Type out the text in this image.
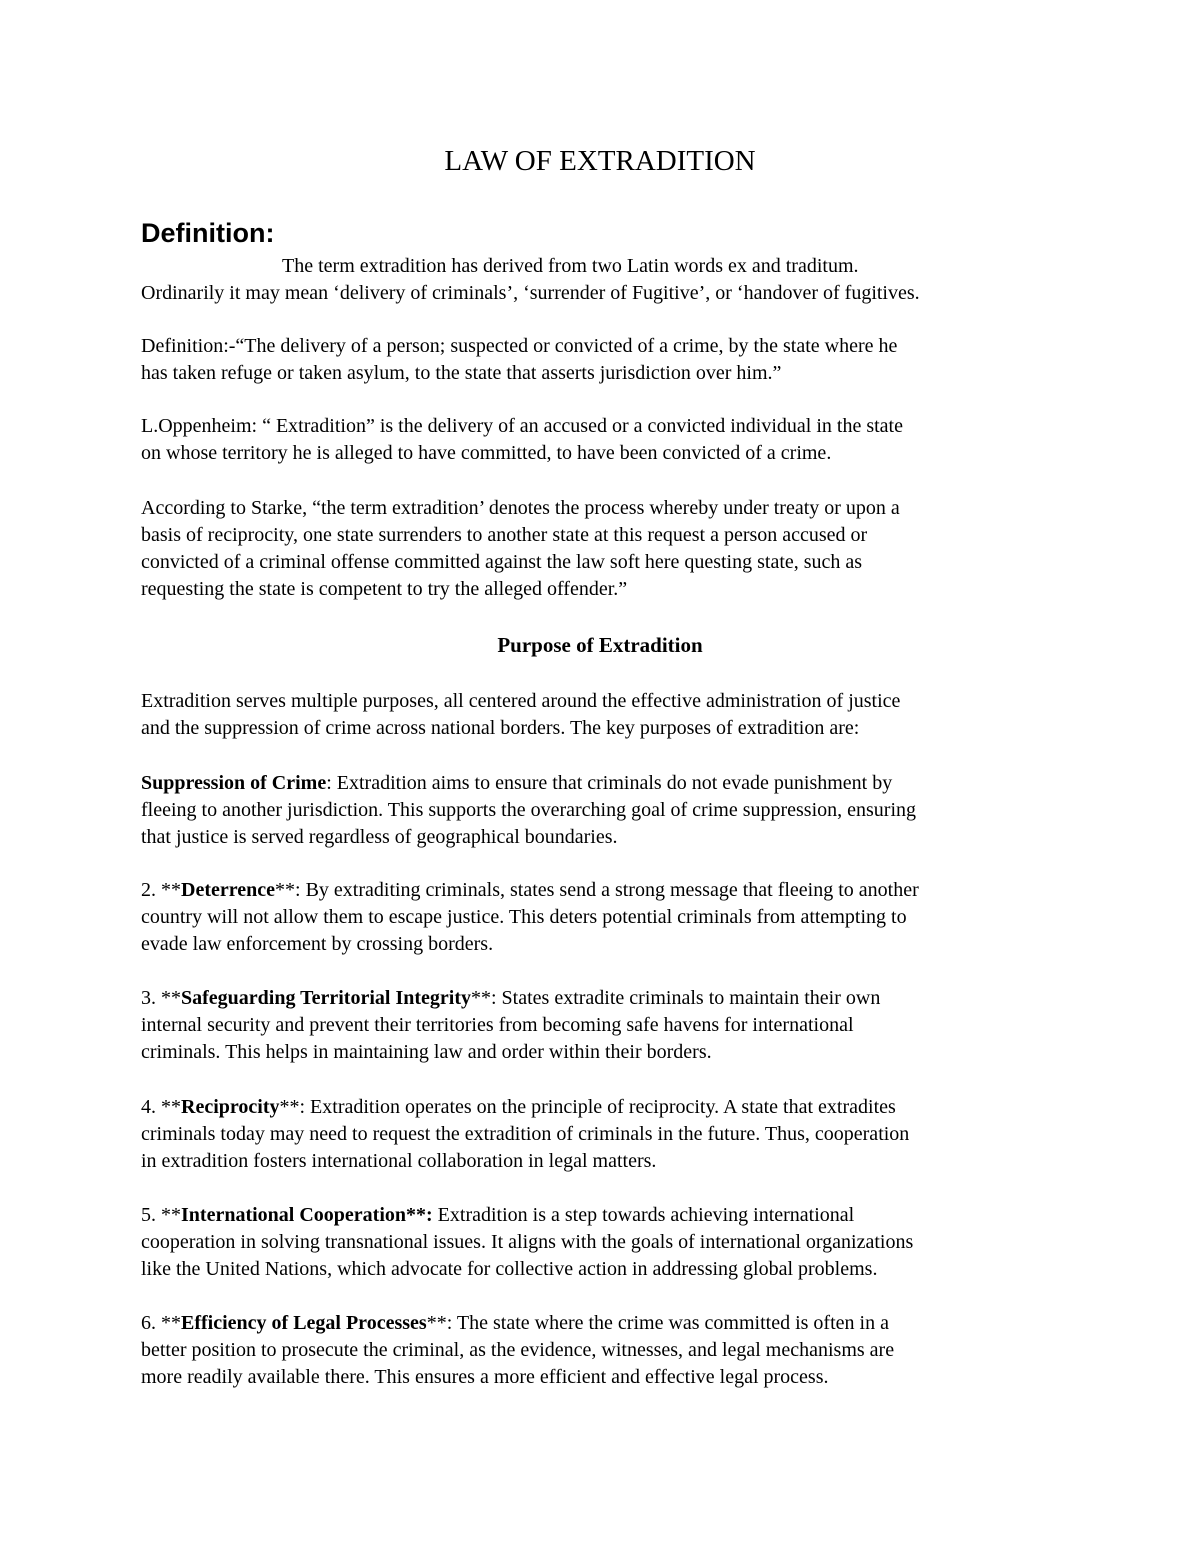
LAW OF EXTRADITION
Definition:
The term extradition has derived from two Latin words ex and traditum.
Ordinarily it may mean ‘delivery of criminals’, ‘surrender of Fugitive’, or ‘handover of fugitives.
Definition:-“The delivery of a person; suspected or convicted of a crime, by the state where he
has taken refuge or taken asylum, to the state that asserts jurisdiction over him.”
L.Oppenheim: “ Extradition” is the delivery of an accused or a convicted individual in the state
on whose territory he is alleged to have committed, to have been convicted of a crime.
According to Starke, “the term extradition’ denotes the process whereby under treaty or upon a
basis of reciprocity, one state surrenders to another state at this request a person accused or
convicted of a criminal offense committed against the law soft here questing state, such as
requesting the state is competent to try the alleged offender.”
Purpose of Extradition
Extradition serves multiple purposes, all centered around the effective administration of justice
and the suppression of crime across national borders. The key purposes of extradition are:
Suppression of Crime: Extradition aims to ensure that criminals do not evade punishment by
fleeing to another jurisdiction. This supports the overarching goal of crime suppression, ensuring
that justice is served regardless of geographical boundaries.
2. **Deterrence**: By extraditing criminals, states send a strong message that fleeing to another
country will not allow them to escape justice. This deters potential criminals from attempting to
evade law enforcement by crossing borders.
3. **Safeguarding Territorial Integrity**: States extradite criminals to maintain their own
internal security and prevent their territories from becoming safe havens for international
criminals. This helps in maintaining law and order within their borders.
4. **Reciprocity**: Extradition operates on the principle of reciprocity. A state that extradites
criminals today may need to request the extradition of criminals in the future. Thus, cooperation
in extradition fosters international collaboration in legal matters.
5. **International Cooperation**: Extradition is a step towards achieving international
cooperation in solving transnational issues. It aligns with the goals of international organizations
like the United Nations, which advocate for collective action in addressing global problems.
6. **Efficiency of Legal Processes**: The state where the crime was committed is often in a
better position to prosecute the criminal, as the evidence, witnesses, and legal mechanisms are
more readily available there. This ensures a more efficient and effective legal process.
